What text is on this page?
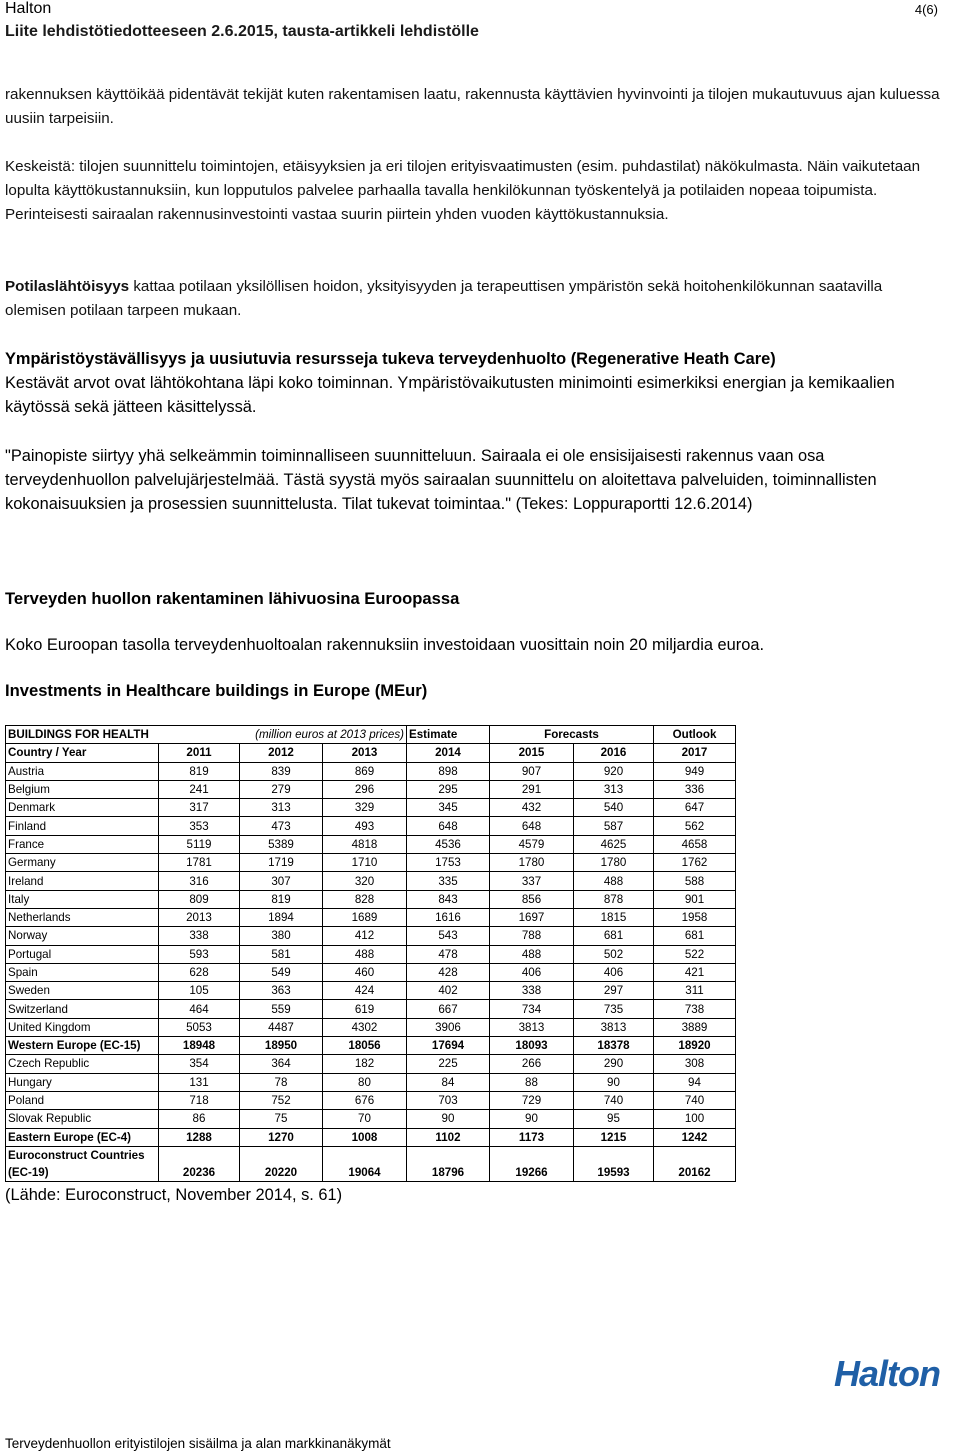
Halton
Liite lehdistötiedotteeseen 2.6.2015, tausta-artikkeli lehdistölle
4(6)

rakennuksen käyttöikää pidentävät tekijät kuten rakentamisen laatu, rakennusta käyttävien hyvinvointi ja tilojen mukautuvuus ajan kuluessa uusiin tarpeisiin.

Keskeistä: tilojen suunnittelu toimintojen, etäisyyksien ja eri tilojen erityisvaatimusten (esim. puhdastilat) näkökulmasta. Näin vaikutetaan lopulta käyttökustannuksiin, kun lopputulos palvelee parhaalla tavalla henkilökunnan työskentelyä ja potilaiden nopeaa toipumista. Perinteisesti sairaalan rakennusinvestointi vastaa suurin piirtein yhden vuoden käyttökustannuksia.

Potilaslähtöisyys kattaa potilaan yksilöllisen hoidon, yksityisyyden ja terapeuttisen ympäristön sekä hoitohenkilökunnan saatavilla olemisen potilaan tarpeen mukaan.

Ympäristöystävällisyys ja uusiutuvia resursseja tukeva terveydenhuolto (Regenerative Heath Care)
Kestävät arvot ovat lähtökohtana läpi koko toiminnan. Ympäristövaikutusten minimointi esimerkiksi energian ja kemikaalien käytössä sekä jätteen käsittelyssä.

"Painopiste siirtyy yhä selkeämmin toiminnalliseen suunnitteluun. Sairaala ei ole ensisijaisesti rakennus vaan osa terveydenhuollon palvelujärjestelmää. Tästä syystä myös sairaalan suunnittelu on aloitettava palveluiden, toiminnallisten kokonaisuuksien ja prosessien suunnittelusta. Tilat tukevat toimintaa." (Tekes: Loppuraportti 12.6.2014)

Terveyden huollon rakentaminen lähivuosina Euroopassa

Koko Euroopan tasolla terveydenhuoltoalan rakennuksiin investoidaan vuosittain noin 20 miljardia euroa.

Investments in Healthcare buildings in Europe (MEur)
BUILDINGS FOR HEALTH	(million euros at 2013 prices)			Estimate	Forecasts		Outlook
Country / Year	2011	2012	2013	2014	2015	2016	2017
Austria	819	839	869	898	907	920	949
Belgium	241	279	296	295	291	313	336
Denmark	317	313	329	345	432	540	647
Finland	353	473	493	648	648	587	562
France	5119	5389	4818	4536	4579	4625	4658
Germany	1781	1719	1710	1753	1780	1780	1762
Ireland	316	307	320	335	337	488	588
Italy	809	819	828	843	856	878	901
Netherlands	2013	1894	1689	1616	1697	1815	1958
Norway	338	380	412	543	788	681	681
Portugal	593	581	488	478	488	502	522
Spain	628	549	460	428	406	406	421
Sweden	105	363	424	402	338	297	311
Switzerland	464	559	619	667	734	735	738
United Kingdom	5053	4487	4302	3906	3813	3813	3889
Western Europe (EC-15)	18948	18950	18056	17694	18093	18378	18920
Czech Republic	354	364	182	225	266	290	308
Hungary	131	78	80	84	88	90	94
Poland	718	752	676	703	729	740	740
Slovak Republic	86	75	70	90	90	95	100
Eastern Europe (EC-4)	1288	1270	1008	1102	1173	1215	1242

Euroconstruct Countries
(EC-19)	20236	20220	19064	18796	19266	19593	20162
(Lähde: Euroconstruct, November 2014, s. 61)
Halton
Terveydenhuollon erityistilojen sisäilma ja alan markkinanäkymät
